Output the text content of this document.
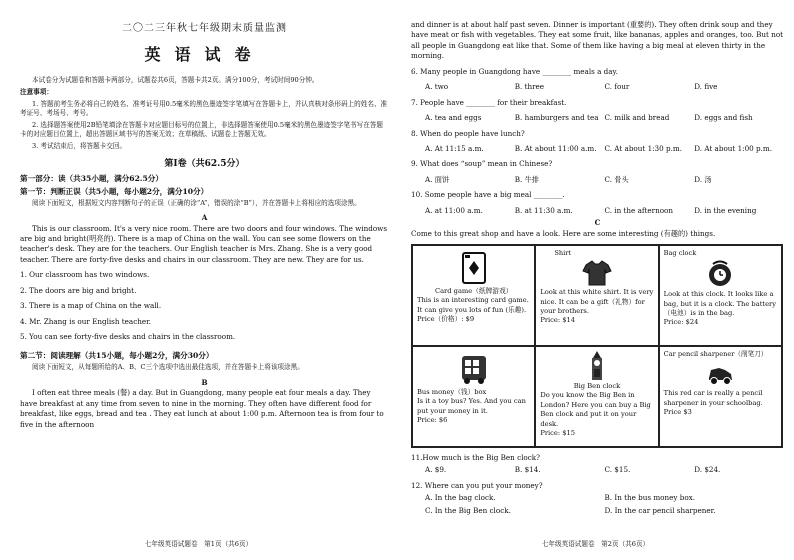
二〇二三年秋七年级期末质量监测
英语试卷
本试卷分为试题卷和答题卡两部分，试题卷共6页，答题卡共2页。满分100分，考试时间90分钟。
注意事项：
1. 答题前考生务必将自己的姓名、准考证号用0.5毫米的黑色墨迹签字笔填写在答题卡上，并认真核对条形码上的姓名、准考证号、考场号、考号。
2. 选择题答案使用2B铅笔填涂在答题卡对应题目标号的位置上，非选择题答案使用0.5毫米的黑色墨迹签字笔书写在答题卡的对应题目位置上，超出答题区域书写的答案无效；在草稿纸、试题卷上答题无效。
3. 考试结束后，将答题卡交回。
第Ⅰ卷（共62.5分）
第一部分：读（共35小题，满分62.5分）
第一节：判断正误（共5小题，每小题2分，满分10分）
阅读下面短文，根据短文内容判断句子的正误（正确的涂“A”，错误的涂“B”），并在答题卡上将相应的选项涂黑。
A
This is our classroom. It's a very nice room. There are two doors and four windows. The windows are big and bright(明亮的). There is a map of China on the wall. You can see some flowers on the teacher's desk. They are for the teachers. Our English teacher is Mrs. Zhang. She is a very good teacher. There are forty-five desks and chairs in our classroom. They are new. They are for us.
1. Our classroom has two windows.
2. The doors are big and bright.
3. There is a map of China on the wall.
4. Mr. Zhang is our English teacher.
5. You can see forty-five desks and chairs in the classroom.
第二节：阅读理解（共15小题，每小题2分，满分30分）
阅读下面短文，从每题所给的A、B、C三个选项中选出最佳选项，并在答题卡上将该项涂黑。
B
I often eat three meals (餐) a day. But in Guangdong, many people eat four meals a day. They have breakfast at any time from seven to nine in the morning. They often have different food for breakfast, like eggs, bread and tea . They eat lunch at about 1:00 p.m. Afternoon tea is from four to five in the afternoon
七年级英语试题卷　第1页（共6页）
and dinner is at about half past seven. Dinner is important (重要的). They often drink soup and they have meat or fish with vegetables. They eat some fruit, like bananas, apples and oranges, too. But not all people in Guangdong eat like that. Some of them like having a big meal at eleven thirty in the morning.
6. Many people in Guangdong have ________ meals a day.
A. two	B. three	C. four	D. five
7. People have ________ for their breakfast.
A. tea and eggs	B. hamburgers and tea C. milk and bread	D. eggs and fish
8. When do people have lunch?
A. At 11:15 a.m.	B. At about 11:00 a.m.	C. At about 1:30 p.m.	D. At about 1:00 p.m.
9. What does “soup” mean in Chinese?
A. 面饼	B. 牛排	C. 骨头	D. 汤
10. Some people have a big meal ________.
A. at 11:00 a.m.	B. at 11:30 a.m.	C. in the afternoon	D. in the evening
C
Come to this great shop and have a look. Here are some interesting (有趣的) things.
Card game（纸牌游戏）
This is an interesting card game. It can give you lots of fun (乐趣).
Price（价格）: $9
Shirt
Look at this white shirt. It is very nice. It can be a gift（礼物）for your brothers.
Price: $14
Bag clock
Look at this clock. It looks like a bag, but it is a clock. The battery（电池）is in the bag.
Price: $24
Bus money（钱）box
Is it a toy bus? Yes. And you can put your money in it.
Price: $6
Big Ben clock
Do you know the Big Ben in London? Here you can buy a Big Ben clock and put it on your desk.
Price: $15
Car pencil sharpener（削笔刀）
This red car is really a pencil sharpener in your schoolbag.
Price $3
11.How much is the Big Ben clock?
A. $9.	B. $14.	C. $15.	D. $24.
12. Where can you put your money?
A. In the bag clock.	B. In the bus money box.
C. In the Big Ben clock.	D. In the car pencil sharpener.
七年级英语试题卷　第2页（共6页）
